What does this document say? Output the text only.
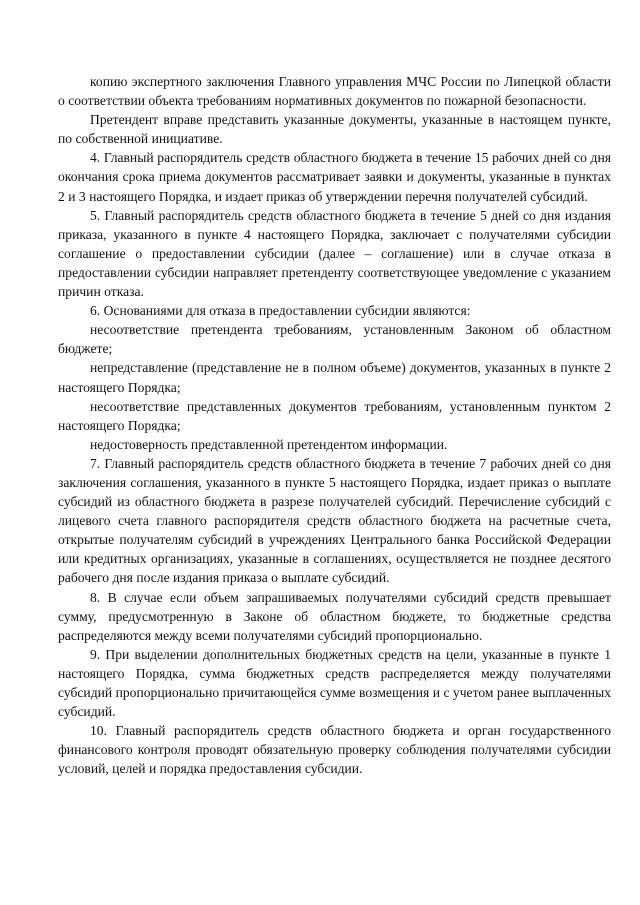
копию экспертного заключения Главного управления МЧС России по Липецкой области о соответствии объекта требованиям нормативных документов по пожарной безопасности.

Претендент вправе представить указанные документы, указанные в настоящем пункте, по собственной инициативе.

4. Главный распорядитель средств областного бюджета в течение 15 рабочих дней со дня окончания срока приема документов рассматривает заявки и документы, указанные в пунктах 2 и 3 настоящего Порядка, и издает приказ об утверждении перечня получателей субсидий.

5. Главный распорядитель средств областного бюджета в течение 5 дней со дня издания приказа, указанного в пункте 4 настоящего Порядка, заключает с получателями субсидии соглашение о предоставлении субсидии (далее – соглашение) или в случае отказа в предоставлении субсидии направляет претенденту соответствующее уведомление с указанием причин отказа.

6. Основаниями для отказа в предоставлении субсидии являются:

несоответствие претендента требованиям, установленным Законом об областном бюджете;

непредставление (представление не в полном объеме) документов, указанных в пункте 2 настоящего Порядка;

несоответствие представленных документов требованиям, установленным пунктом 2 настоящего Порядка;

недостоверность представленной претендентом информации.

7. Главный распорядитель средств областного бюджета в течение 7 рабочих дней со дня заключения соглашения, указанного в пункте 5 настоящего Порядка, издает приказ о выплате субсидий из областного бюджета в разрезе получателей субсидий. Перечисление субсидий с лицевого счета главного распорядителя средств областного бюджета на расчетные счета, открытые получателям субсидий в учреждениях Центрального банка Российской Федерации или кредитных организациях, указанные в соглашениях, осуществляется не позднее десятого рабочего дня после издания приказа о выплате субсидий.

8. В случае если объем запрашиваемых получателями субсидий средств превышает сумму, предусмотренную в Законе об областном бюджете, то бюджетные средства распределяются между всеми получателями субсидий пропорционально.

9. При выделении дополнительных бюджетных средств на цели, указанные в пункте 1 настоящего Порядка, сумма бюджетных средств распределяется между получателями субсидий пропорционально причитающейся сумме возмещения и с учетом ранее выплаченных субсидий.

10. Главный распорядитель средств областного бюджета и орган государственного финансового контроля проводят обязательную проверку соблюдения получателями субсидии условий, целей и порядка предоставления субсидии.
